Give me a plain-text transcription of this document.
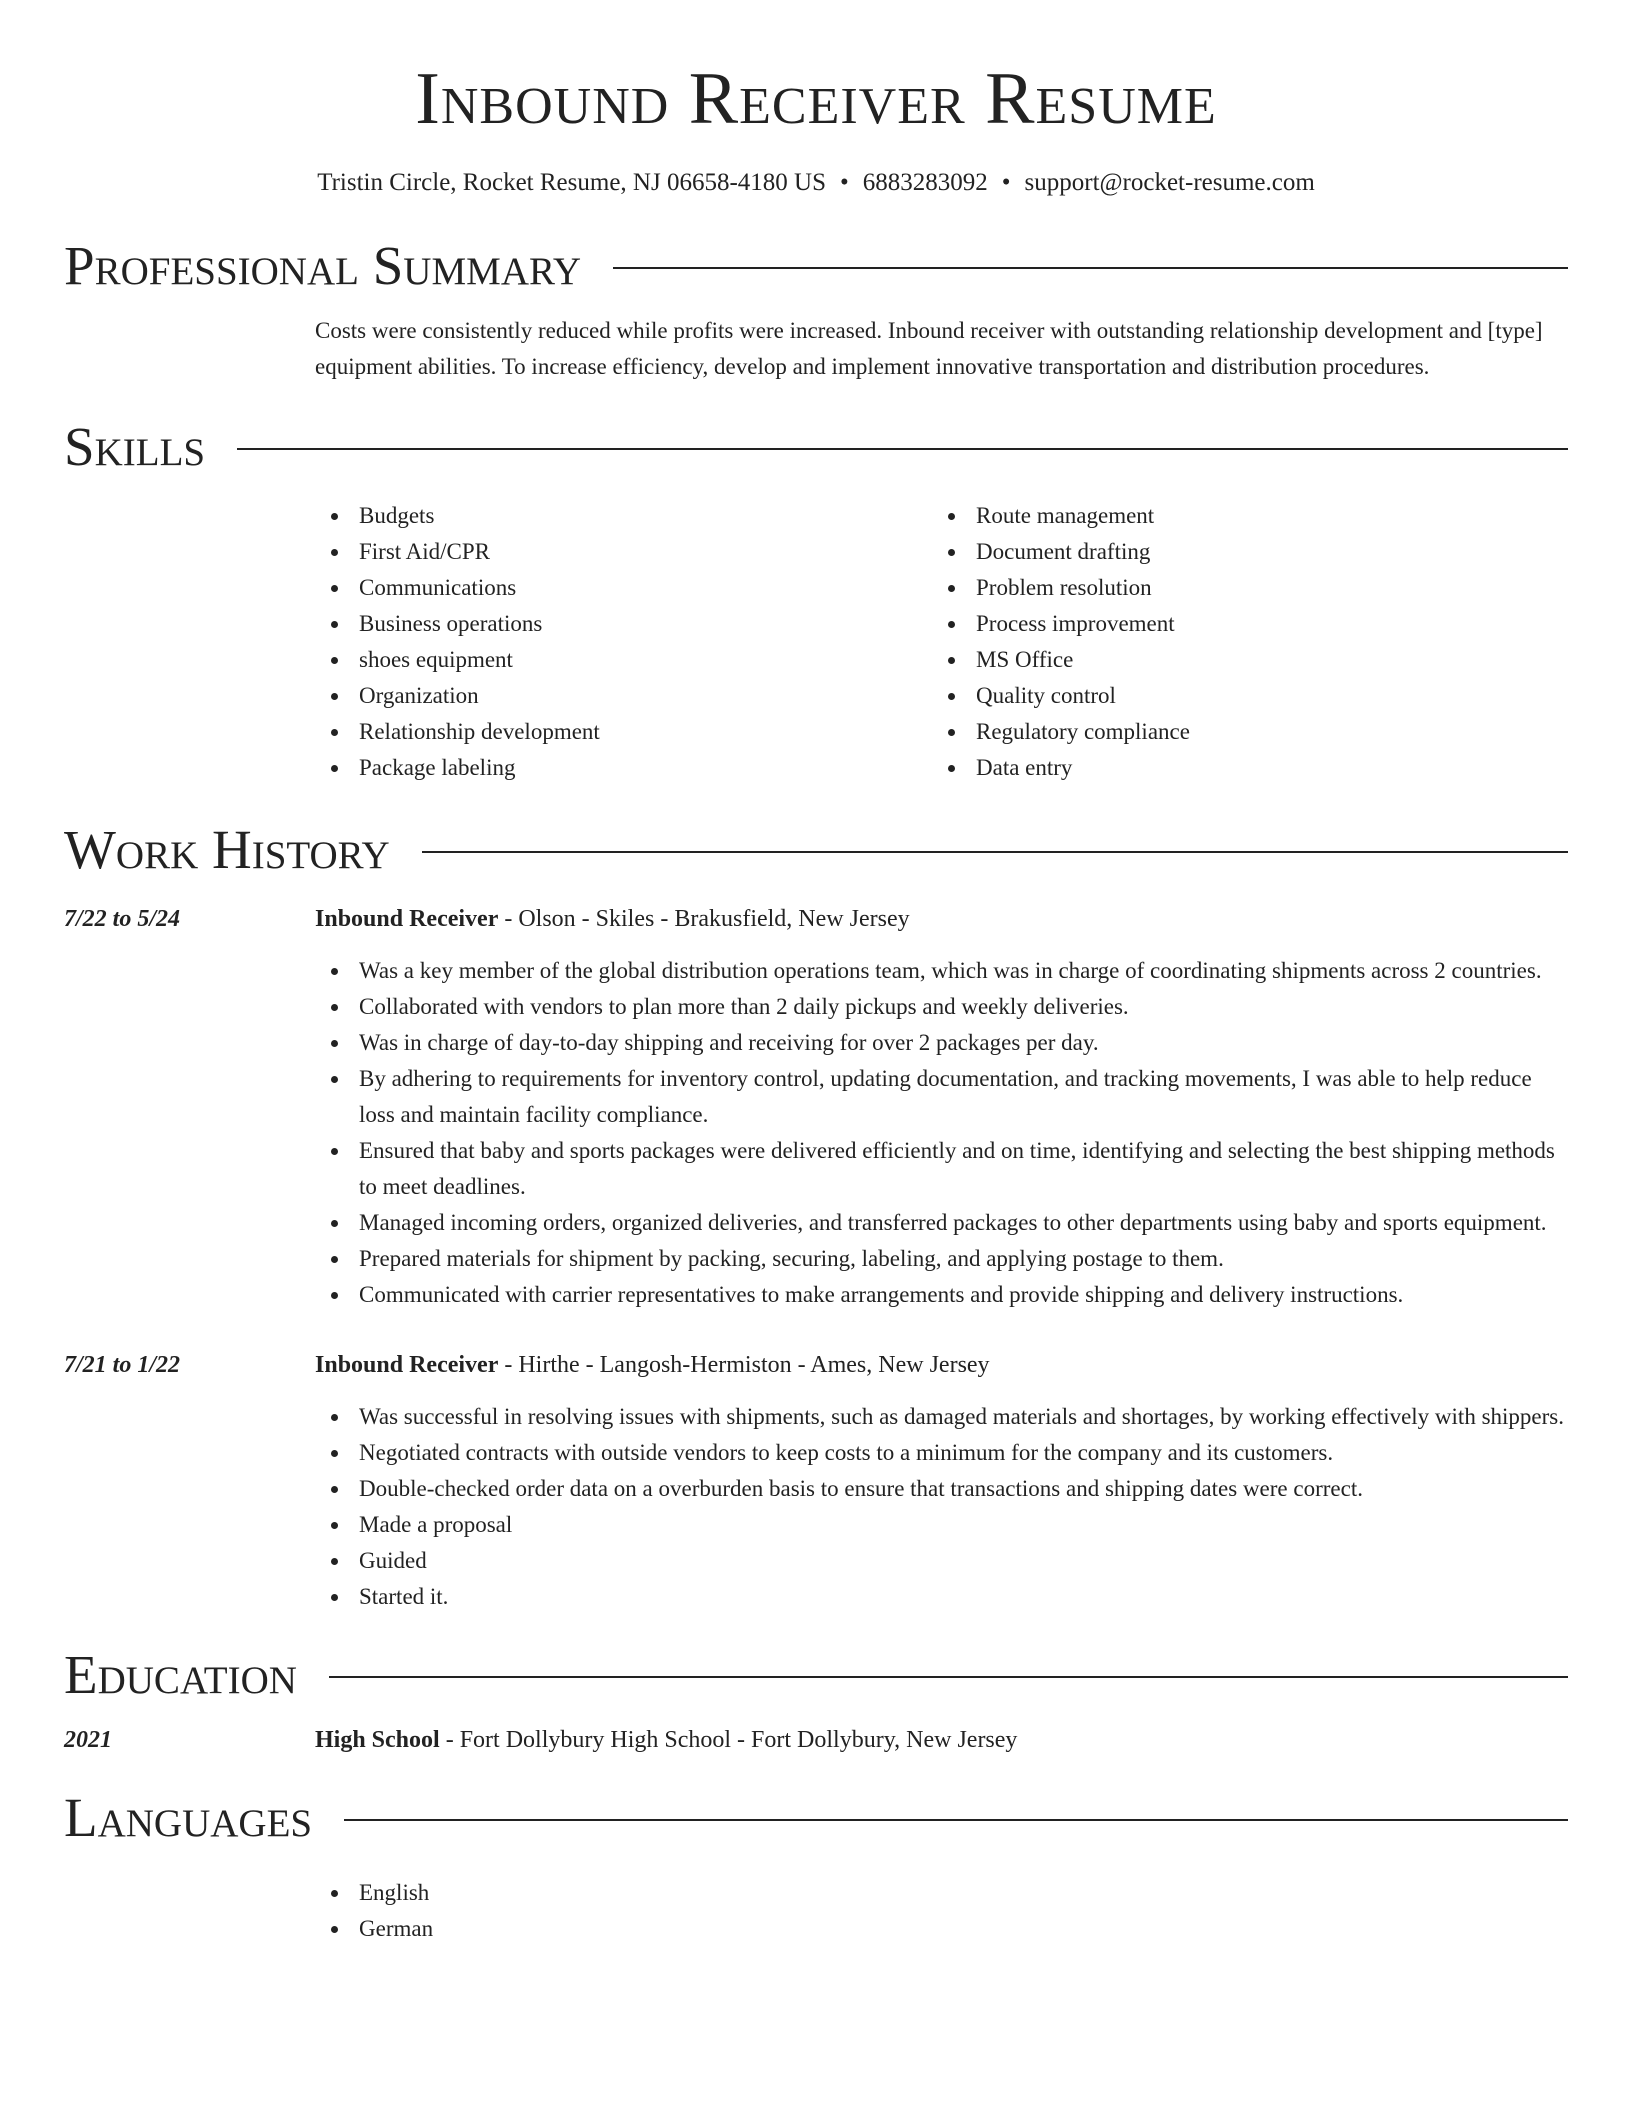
Inbound Receiver Resume
Tristin Circle, Rocket Resume, NJ 06658-4180 US • 6883283092 • support@rocket-resume.com
Professional Summary

Costs were consistently reduced while profits were increased. Inbound receiver with outstanding relationship development and [type] equipment abilities. To increase efficiency, develop and implement innovative transportation and distribution procedures.

Skills
Budgets
First Aid/CPR
Communications
Business operations
shoes equipment
Organization
Relationship development
Package labeling
Route management
Document drafting
Problem resolution
Process improvement
MS Office
Quality control
Regulatory compliance
Data entry
Work History
7/22 to 5/24	Inbound Receiver - Olson - Skiles - Brakusfield, New Jersey
Was a key member of the global distribution operations team, which was in charge of coordinating shipments across 2 countries.
Collaborated with vendors to plan more than 2 daily pickups and weekly deliveries.
Was in charge of day-to-day shipping and receiving for over 2 packages per day.
By adhering to requirements for inventory control, updating documentation, and tracking movements, I was able to help reduce loss and maintain facility compliance.
Ensured that baby and sports packages were delivered efficiently and on time, identifying and selecting the best shipping methods to meet deadlines.
Managed incoming orders, organized deliveries, and transferred packages to other departments using baby and sports equipment.
Prepared materials for shipment by packing, securing, labeling, and applying postage to them.
Communicated with carrier representatives to make arrangements and provide shipping and delivery instructions.
7/21 to 1/22	Inbound Receiver - Hirthe - Langosh-Hermiston - Ames, New Jersey
Was successful in resolving issues with shipments, such as damaged materials and shortages, by working effectively with shippers.
Negotiated contracts with outside vendors to keep costs to a minimum for the company and its customers.
Double-checked order data on a overburden basis to ensure that transactions and shipping dates were correct.
Made a proposal
Guided
Started it.
Education
2021	High School - Fort Dollybury High School - Fort Dollybury, New Jersey
Languages
English
German
